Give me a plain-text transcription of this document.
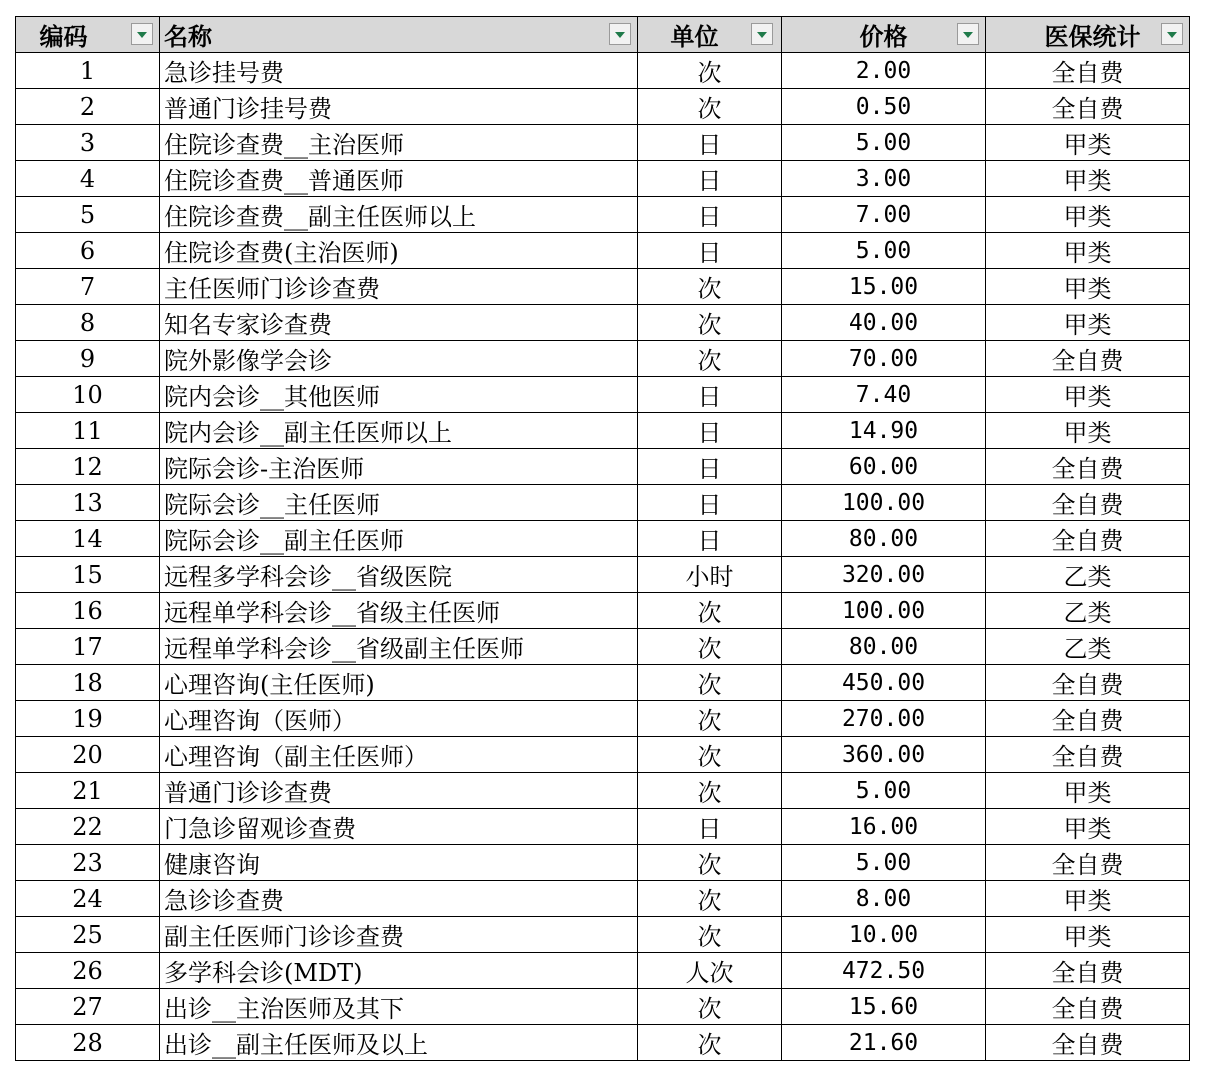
编码	名称	单位	价格	医保统计

1	急诊挂号费	次	2.00	全自费
2	普通门诊挂号费	次	0.50	全自费
3	住院诊查费__主治医师	日	5.00	甲类
4	住院诊查费__普通医师	日	3.00	甲类
5	住院诊查费__副主任医师以上	日	7.00	甲类
6	住院诊查费(主治医师)	日	5.00	甲类
7	主任医师门诊诊查费	次	15.00	甲类
8	知名专家诊查费	次	40.00	甲类
9	院外影像学会诊	次	70.00	全自费
10	院内会诊__其他医师	日	7.40	甲类
11	院内会诊__副主任医师以上	日	14.90	甲类
12	院际会诊-主治医师	日	60.00	全自费
13	院际会诊__主任医师	日	100.00	全自费
14	院际会诊__副主任医师	日	80.00	全自费
15	远程多学科会诊__省级医院	小时	320.00	乙类
16	远程单学科会诊__省级主任医师	次	100.00	乙类
17	远程单学科会诊__省级副主任医师	次	80.00	乙类
18	心理咨询(主任医师)	次	450.00	全自费
19	心理咨询（医师）	次	270.00	全自费
20	心理咨询（副主任医师）	次	360.00	全自费
21	普通门诊诊查费	次	5.00	甲类
22	门急诊留观诊查费	日	16.00	甲类
23	健康咨询	次	5.00	全自费
24	急诊诊查费	次	8.00	甲类
25	副主任医师门诊诊查费	次	10.00	甲类
26	多学科会诊(MDT)	人次	472.50	全自费
27	出诊__主治医师及其下	次	15.60	全自费
28	出诊__副主任医师及以上	次	21.60	全自费
